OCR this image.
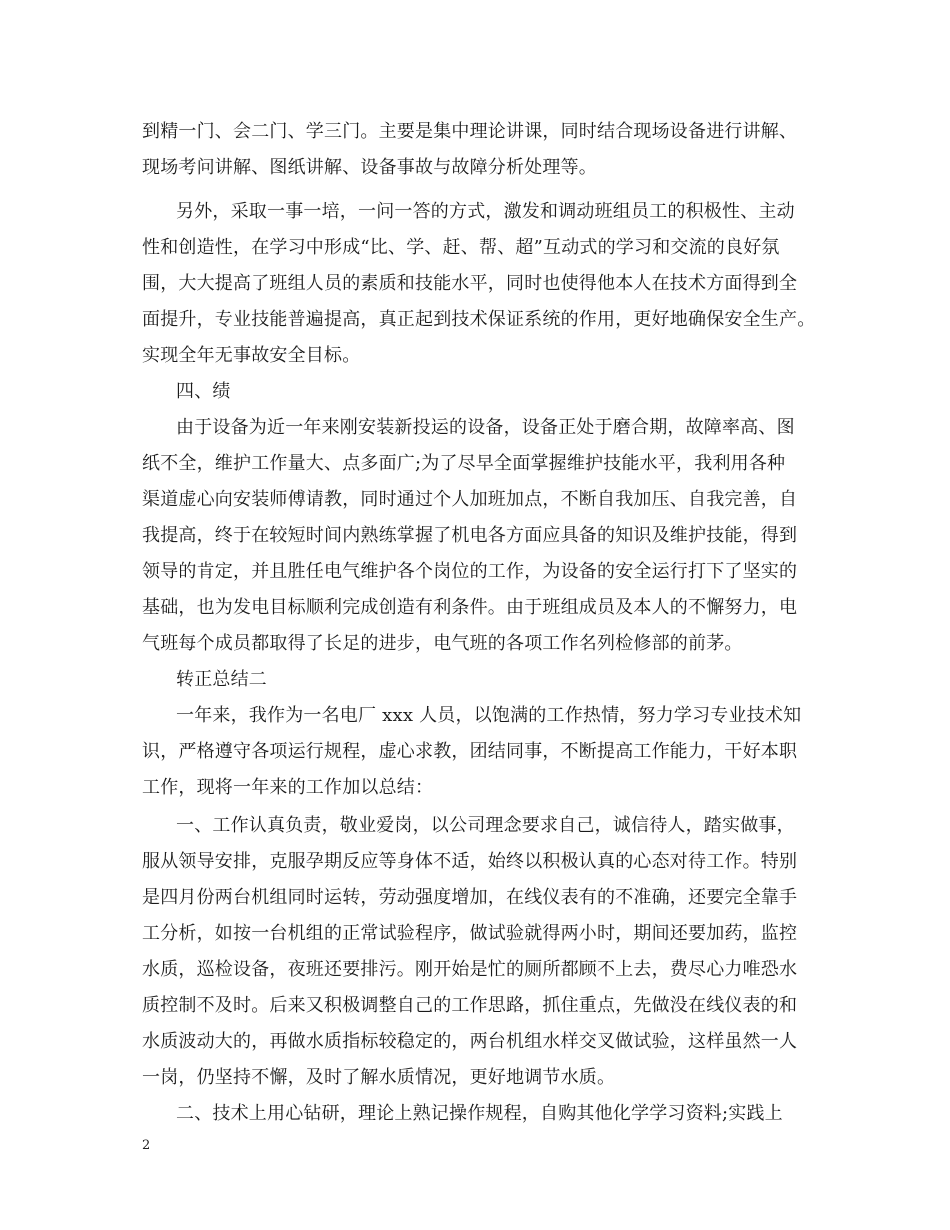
到精一门、会二门、学三门。主要是集中理论讲课，同时结合现场设备进行讲解、
现场考问讲解、图纸讲解、设备事故与故障分析处理等。
另外，采取一事一培，一问一答的方式，激发和调动班组员工的积极性、主动
性和创造性，在学习中形成“比、学、赶、帮、超”互动式的学习和交流的良好氛
围，大大提高了班组人员的素质和技能水平，同时也使得他本人在技术方面得到全
面提升，专业技能普遍提高，真正起到技术保证系统的作用，更好地确保安全生产。
实现全年无事故安全目标。
四、绩
由于设备为近一年来刚安装新投运的设备，设备正处于磨合期，故障率高、图
纸不全，维护工作量大、点多面广;为了尽早全面掌握维护技能水平，我利用各种
渠道虚心向安装师傅请教，同时通过个人加班加点，不断自我加压、自我完善，自
我提高，终于在较短时间内熟练掌握了机电各方面应具备的知识及维护技能，得到
领导的肯定，并且胜任电气维护各个岗位的工作，为设备的安全运行打下了坚实的
基础，也为发电目标顺利完成创造有利条件。由于班组成员及本人的不懈努力，电
气班每个成员都取得了长足的进步，电气班的各项工作名列检修部的前茅。
转正总结二
一年来，我作为一名电厂 xxx 人员，以饱满的工作热情，努力学习专业技术知
识，严格遵守各项运行规程，虚心求教，团结同事，不断提高工作能力，干好本职
工作，现将一年来的工作加以总结：
一、工作认真负责，敬业爱岗，以公司理念要求自己，诚信待人，踏实做事，
服从领导安排，克服孕期反应等身体不适，始终以积极认真的心态对待工作。特别
是四月份两台机组同时运转，劳动强度增加，在线仪表有的不准确，还要完全靠手
工分析，如按一台机组的正常试验程序，做试验就得两小时，期间还要加药，监控
水质，巡检设备，夜班还要排污。刚开始是忙的厕所都顾不上去，费尽心力唯恐水
质控制不及时。后来又积极调整自己的工作思路，抓住重点，先做没在线仪表的和
水质波动大的，再做水质指标较稳定的，两台机组水样交叉做试验，这样虽然一人
一岗，仍坚持不懈，及时了解水质情况，更好地调节水质。
二、技术上用心钻研，理论上熟记操作规程，自购其他化学学习资料;实践上
2
